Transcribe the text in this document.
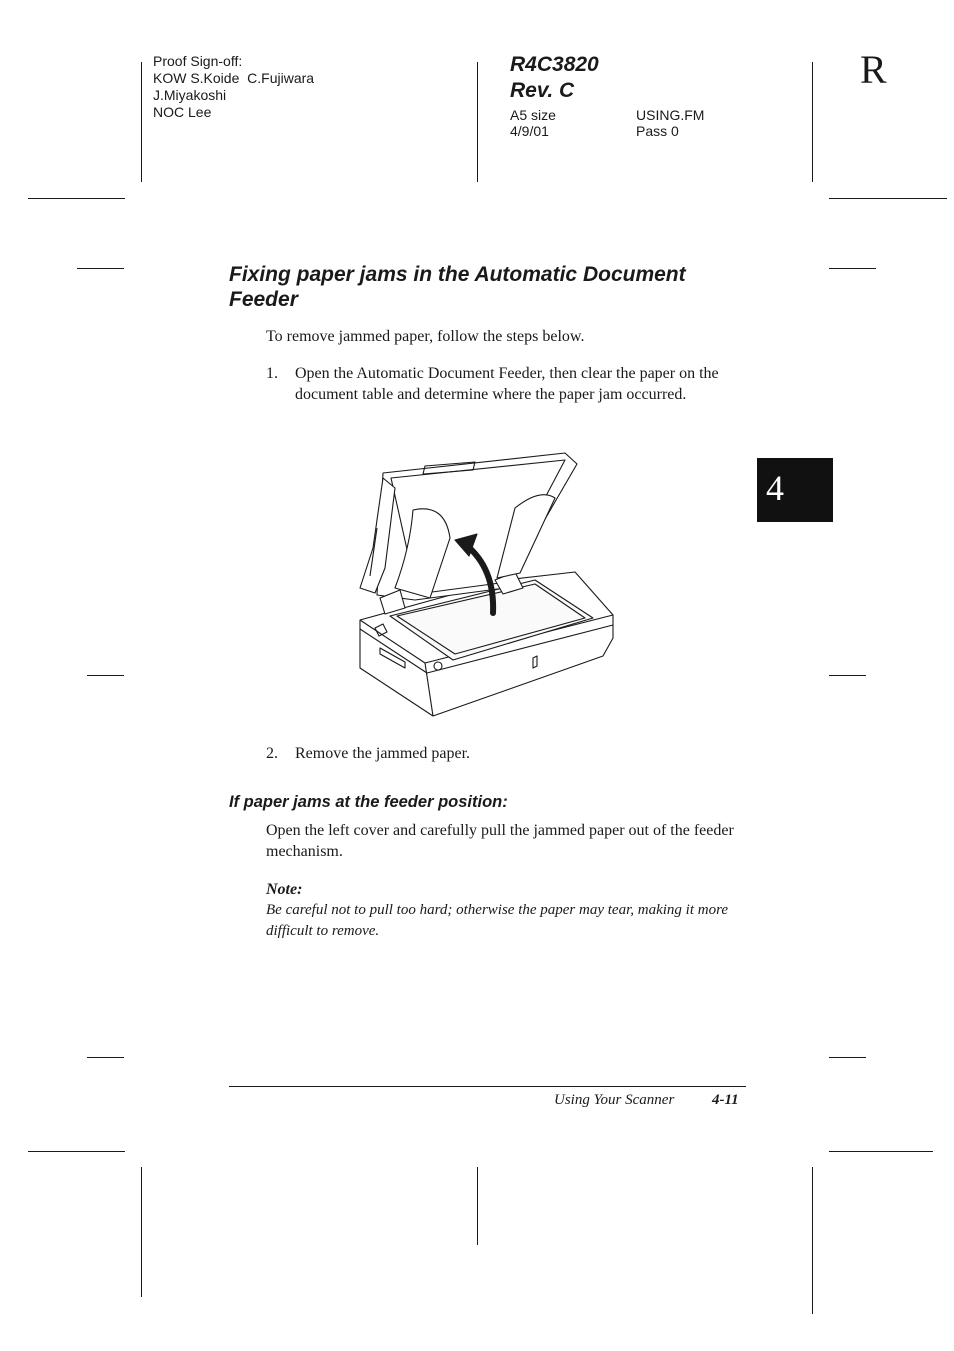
Proof Sign-off:
KOW S.Koide  C.Fujiwara
J.Miyakoshi
NOC Lee
R4C3820
Rev. C
A5 size	USING.FM
4/9/01	Pass 0
R
4
Fixing paper jams in the Automatic Document Feeder
To remove jammed paper, follow the steps below.
1. Open the Automatic Document Feeder, then clear the paper on the document table and determine where the paper jam occurred.
2. Remove the jammed paper.
If paper jams at the feeder position:
Open the left cover and carefully pull the jammed paper out of the feeder mechanism.
Note:
Be careful not to pull too hard; otherwise the paper may tear, making it more difficult to remove.
Using Your Scanner	4-11
